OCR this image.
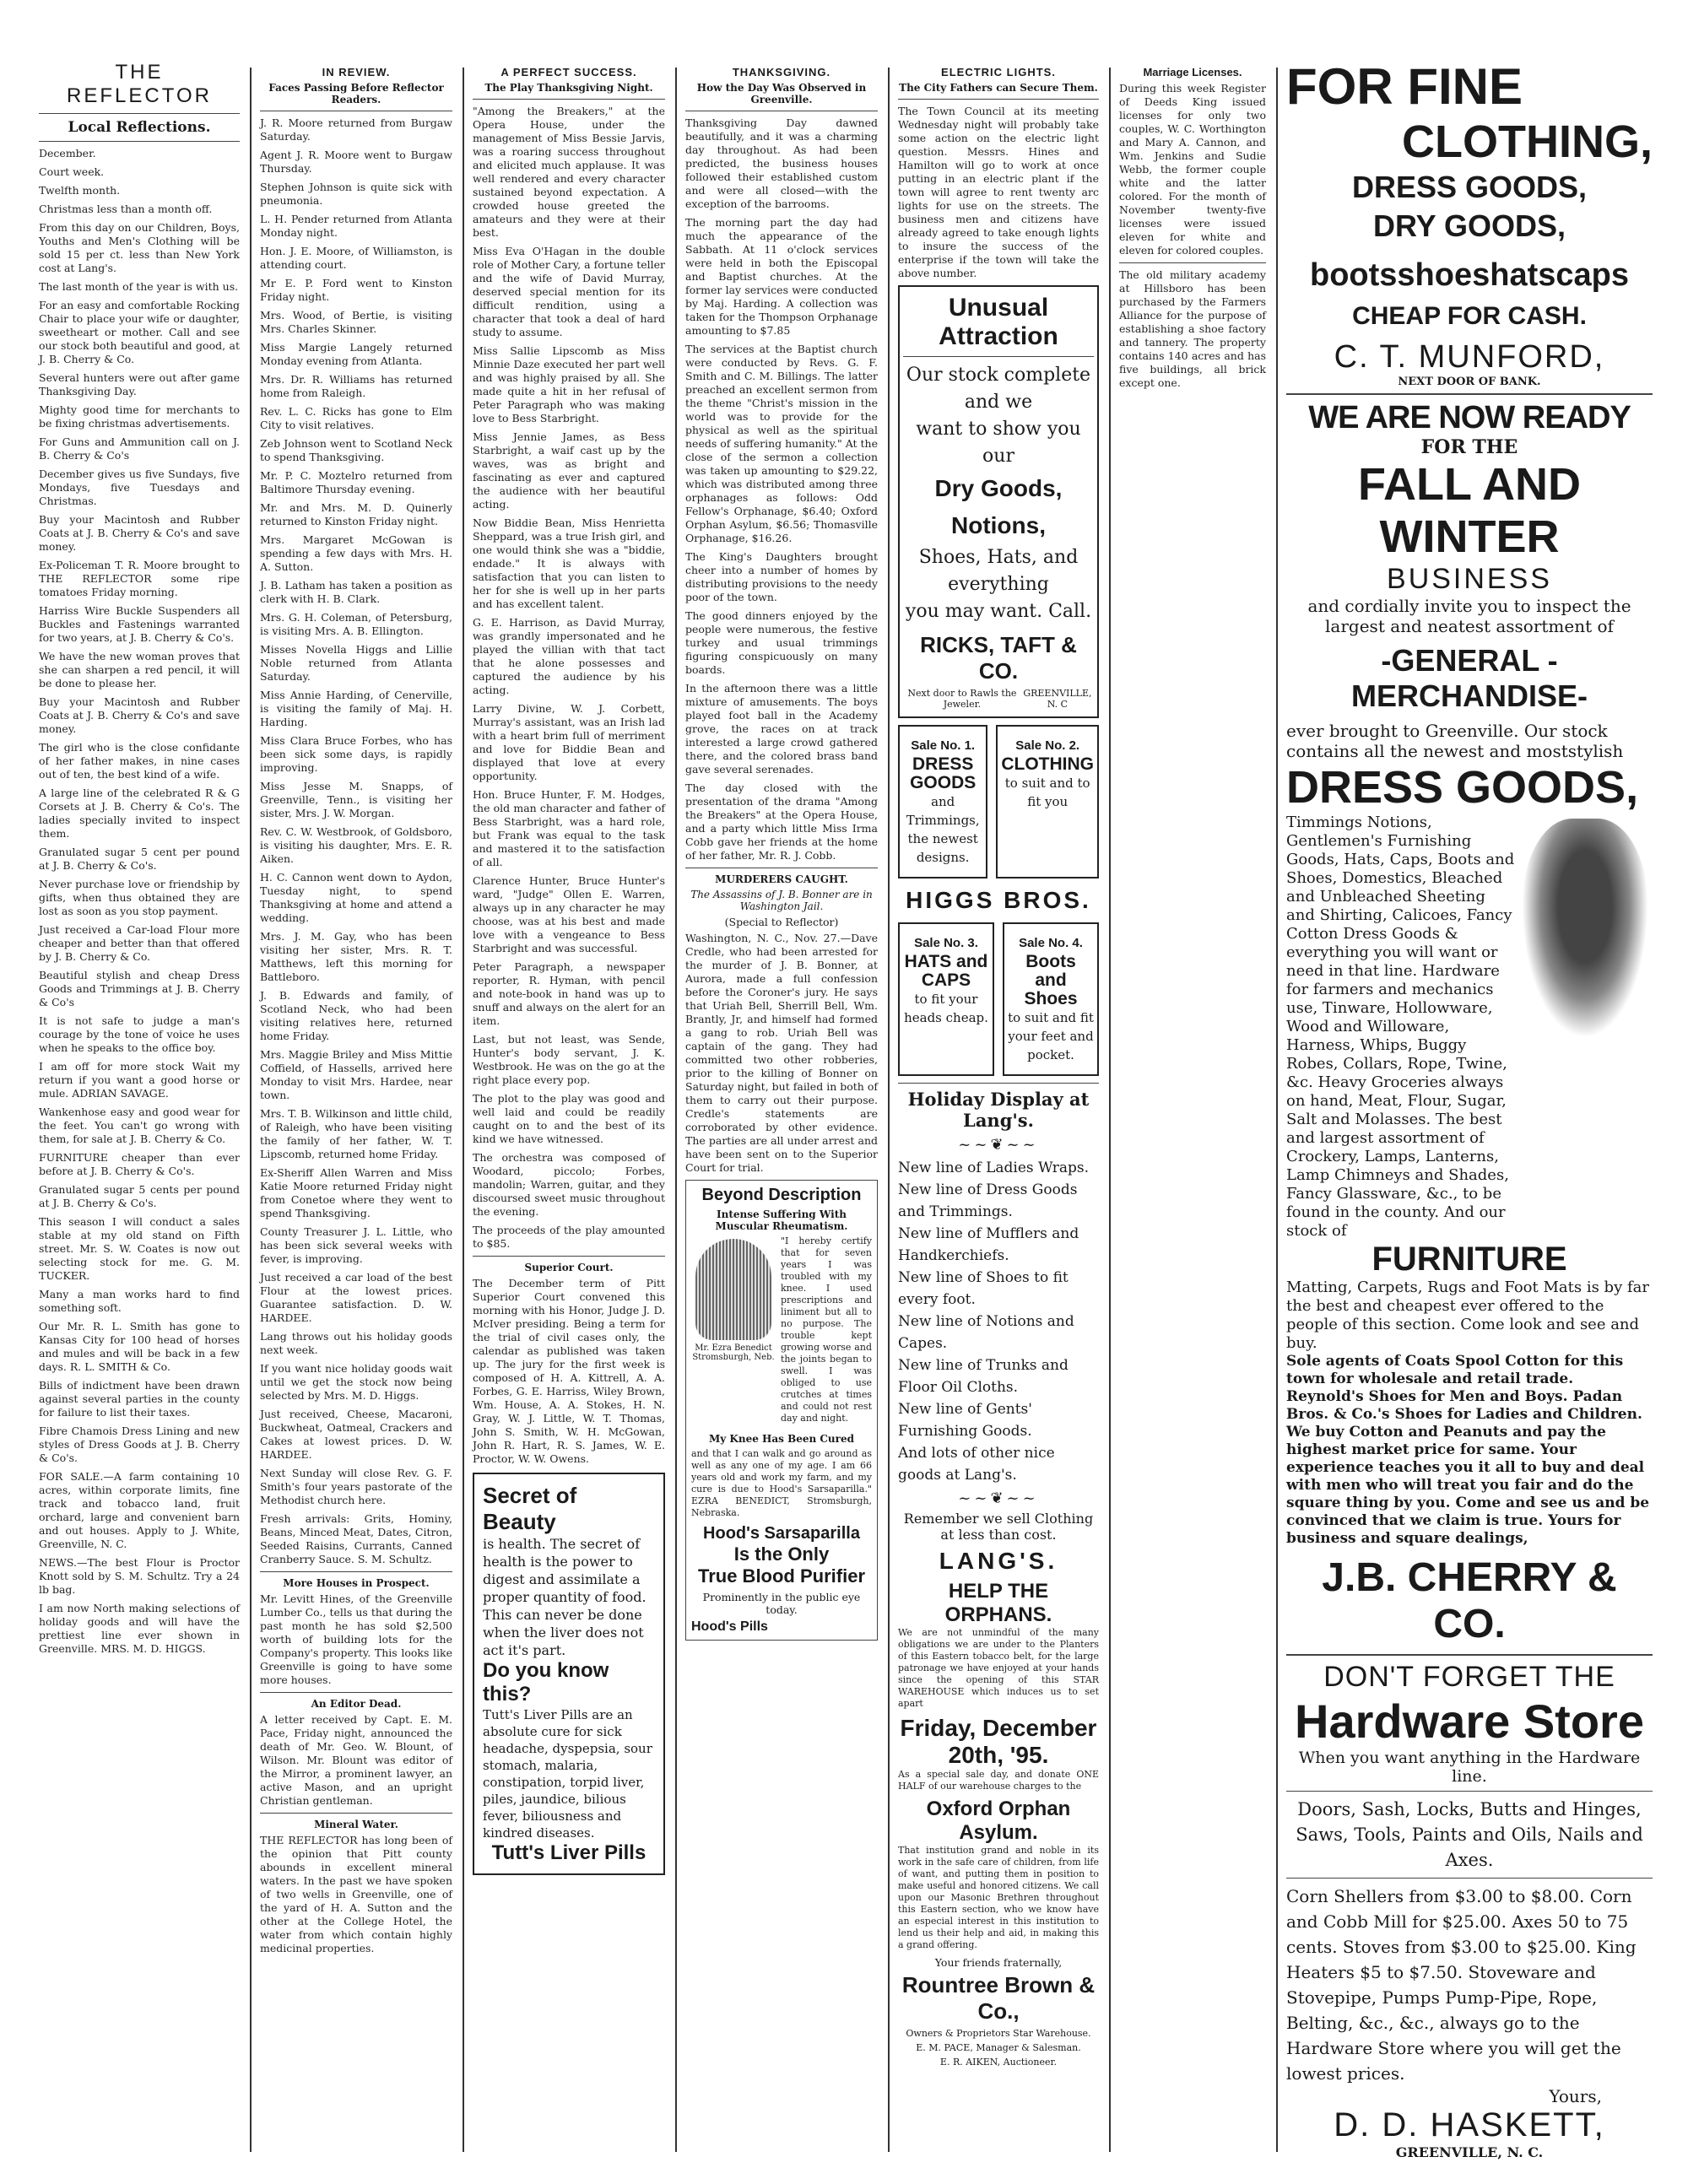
THE REFLECTOR
Local Reflections.
December.
Court week.
Twelfth month.
Christmas less than a month off.
From this day on our Children, Boys, Youths and Men's Clothing will be sold 15 per ct. less than New York cost at Lang's.
The last month of the year is with us.
For an easy and comfortable Rocking Chair to place your wife or daughter, sweetheart or mother. Call and see our stock both beautiful and good, at J. B. Cherry & Co.
Several hunters were out after game Thanksgiving Day.
Mighty good time for merchants to be fixing christmas advertisements.
For Guns and Ammunition call on J. B. Cherry & Co's
December gives us five Sundays, five Mondays, five Tuesdays and Christmas.
Buy your Macintosh and Rubber Coats at J. B. Cherry & Co's and save money.
Ex-Policeman T. R. Moore brought to THE REFLECTOR some ripe tomatoes Friday morning.
Harriss Wire Buckle Suspenders all Buckles and Fastenings warranted for two years, at J. B. Cherry & Co's.
We have the new woman proves that she can sharpen a red pencil, it will be done to please her.
Buy your Macintosh and Rubber Coats at J. B. Cherry & Co's and save money.
The girl who is the close confidante of her father makes, in nine cases out of ten, the best kind of a wife.
A large line of the celebrated R & G Corsets at J. B. Cherry & Co's. The ladies specially invited to inspect them.
Granulated sugar 5 cent per pound at J. B. Cherry & Co's.
Never purchase love or friendship by gifts, when thus obtained they are lost as soon as you stop payment.
Just received a Car-load Flour more cheaper and better than that offered by J. B. Cherry & Co.
Beautiful stylish and cheap Dress Goods and Trimmings at J. B. Cherry & Co's
It is not safe to judge a man's courage by the tone of voice he uses when he speaks to the office boy.
I am off for more stock Wait my return if you want a good horse or mule. ADRIAN SAVAGE.
Wankenhose easy and good wear for the feet. You can't go wrong with them, for sale at J. B. Cherry & Co.
FURNITURE cheaper than ever before at J. B. Cherry & Co's.
Granulated sugar 5 cents per pound at J. B. Cherry & Co's.
This season I will conduct a sales stable at my old stand on Fifth street. Mr. S. W. Coates is now out selecting stock for me. G. M. TUCKER.
Many a man works hard to find something soft.
Our Mr. R. L. Smith has gone to Kansas City for 100 head of horses and mules and will be back in a few days. R. L. SMITH & Co.
Bills of indictment have been drawn against several parties in the county for failure to list their taxes.
Fibre Chamois Dress Lining and new styles of Dress Goods at J. B. Cherry & Co's.
FOR SALE.—A farm containing 10 acres, within corporate limits, fine track and tobacco land, fruit orchard, large and convenient barn and out houses. Apply to J. White, Greenville, N. C.
NEWS.—The best Flour is Proctor Knott sold by S. M. Schultz. Try a 24 lb bag.
I am now North making selections of holiday goods and will have the prettiest line ever shown in Greenville. MRS. M. D. HIGGS.
IN REVIEW.
Faces Passing Before Reflector Readers.
J. R. Moore returned from Burgaw Saturday.
Agent J. R. Moore went to Burgaw Thursday.
Stephen Johnson is quite sick with pneumonia.
L. H. Pender returned from Atlanta Monday night.
Hon. J. E. Moore, of Williamston, is attending court.
Mr E. P. Ford went to Kinston Friday night.
Mrs. Wood, of Bertie, is visiting Mrs. Charles Skinner.
Miss Margie Langely returned Monday evening from Atlanta.
Mrs. Dr. R. Williams has returned home from Raleigh.
Rev. L. C. Ricks has gone to Elm City to visit relatives.
Zeb Johnson went to Scotland Neck to spend Thanksgiving.
Mr. P. C. Moztelro returned from Baltimore Thursday evening.
Mr. and Mrs. M. D. Quinerly returned to Kinston Friday night.
Mrs. Margaret McGowan is spending a few days with Mrs. H. A. Sutton.
J. B. Latham has taken a position as clerk with H. B. Clark.
Mrs. G. H. Coleman, of Petersburg, is visiting Mrs. A. B. Ellington.
Misses Novella Higgs and Lillie Noble returned from Atlanta Saturday.
Miss Annie Harding, of Cenerville, is visiting the family of Maj. H. Harding.
Miss Clara Bruce Forbes, who has been sick some days, is rapidly improving.
Miss Jesse M. Snapps, of Greenville, Tenn., is visiting her sister, Mrs. J. W. Morgan.
Rev. C. W. Westbrook, of Goldsboro, is visiting his daughter, Mrs. E. R. Aiken.
H. C. Cannon went down to Aydon, Tuesday night, to spend Thanksgiving at home and attend a wedding.
Mrs. J. M. Gay, who has been visiting her sister, Mrs. R. T. Matthews, left this morning for Battleboro.
J. B. Edwards and family, of Scotland Neck, who had been visiting relatives here, returned home Friday.
Mrs. Maggie Briley and Miss Mittie Coffield, of Hassells, arrived here Monday to visit Mrs. Hardee, near town.
Mrs. T. B. Wilkinson and little child, of Raleigh, who have been visiting the family of her father, W. T. Lipscomb, returned home Friday.
Ex-Sheriff Allen Warren and Miss Katie Moore returned Friday night from Conetoe where they went to spend Thanksgiving.
County Treasurer J. L. Little, who has been sick several weeks with fever, is improving.
Just received a car load of the best Flour at the lowest prices. Guarantee satisfaction. D. W. HARDEE.
Lang throws out his holiday goods next week.
If you want nice holiday goods wait until we get the stock now being selected by Mrs. M. D. Higgs.
Just received, Cheese, Macaroni, Buckwheat, Oatmeal, Crackers and Cakes at lowest prices. D. W. HARDEE.
Next Sunday will close Rev. G. F. Smith's four years pastorate of the Methodist church here.
Fresh arrivals: Grits, Hominy, Beans, Minced Meat, Dates, Citron, Seeded Raisins, Currants, Canned Cranberry Sauce. S. M. Schultz.
More Houses in Prospect.
Mr. Levitt Hines, of the Greenville Lumber Co., tells us that during the past month he has sold $2,500 worth of building lots for the Company's property. This looks like Greenville is going to have some more houses.
An Editor Dead.
A letter received by Capt. E. M. Pace, Friday night, announced the death of Mr. Geo. W. Blount, of Wilson. Mr. Blount was editor of the Mirror, a prominent lawyer, an active Mason, and an upright Christian gentleman.
Mineral Water.
THE REFLECTOR has long been of the opinion that Pitt county abounds in excellent mineral waters. In the past we have spoken of two wells in Greenville, one of the yard of H. A. Sutton and the other at the College Hotel, the water from which contain highly medicinal properties.
A PERFECT SUCCESS.
The Play Thanksgiving Night.
"Among the Breakers," at the Opera House, under the management of Miss Bessie Jarvis, was a roaring success throughout and elicited much applause. It was well rendered and every character sustained beyond expectation. A crowded house greeted the amateurs and they were at their best.
Miss Eva O'Hagan in the double role of Mother Cary, a fortune teller and the wife of David Murray, deserved special mention for its difficult rendition, using a character that took a deal of hard study to assume.
Miss Sallie Lipscomb as Miss Minnie Daze executed her part well and was highly praised by all. She made quite a hit in her refusal of Peter Paragraph who was making love to Bess Starbright.
Miss Jennie James, as Bess Starbright, a waif cast up by the waves, was as bright and fascinating as ever and captured the audience with her beautiful acting.
Now Biddie Bean, Miss Henrietta Sheppard, was a true Irish girl, and one would think she was a "biddie, endade." It is always with satisfaction that you can listen to her for she is well up in her parts and has excellent talent.
G. E. Harrison, as David Murray, was grandly impersonated and he played the villian with that tact that he alone possesses and captured the audience by his acting.
Larry Divine, W. J. Corbett, Murray's assistant, was an Irish lad with a heart brim full of merriment and love for Biddie Bean and displayed that love at every opportunity.
Hon. Bruce Hunter, F. M. Hodges, the old man character and father of Bess Starbright, was a hard role, but Frank was equal to the task and mastered it to the satisfaction of all.
Clarence Hunter, Bruce Hunter's ward, "Judge" Ollen E. Warren, always up in any character he may choose, was at his best and made love with a vengeance to Bess Starbright and was successful.
Peter Paragraph, a newspaper reporter, R. Hyman, with pencil and note-book in hand was up to snuff and always on the alert for an item.
Last, but not least, was Sende, Hunter's body servant, J. K. Westbrook. He was on the go at the right place every pop.
The plot to the play was good and well laid and could be readily caught on to and the best of its kind we have witnessed.
The orchestra was composed of Woodard, piccolo; Forbes, mandolin; Warren, guitar, and they discoursed sweet music throughout the evening.
The proceeds of the play amounted to $85.
Superior Court.
The December term of Pitt Superior Court convened this morning with his Honor, Judge J. D. McIver presiding. Being a term for the trial of civil cases only, the calendar as published was taken up. The jury for the first week is composed of H. A. Kittrell, A. A. Forbes, G. E. Harriss, Wiley Brown, Wm. House, A. A. Stokes, H. N. Gray, W. J. Little, W. T. Thomas, John S. Smith, W. H. McGowan, John R. Hart, R. S. James, W. E. Proctor, W. W. Owens.
Secret of Beauty
is health. The secret of health is the power to digest and assimilate a proper quantity of food. This can never be done when the liver does not act it's part.
Do you know this?
Tutt's Liver Pills are an absolute cure for sick headache, dyspepsia, sour stomach, malaria, constipation, torpid liver, piles, jaundice, bilious fever, biliousness and kindred diseases.
Tutt's Liver Pills
THANKSGIVING.
How the Day Was Observed in Greenville.
Thanksgiving Day dawned beautifully, and it was a charming day throughout. As had been predicted, the business houses followed their established custom and were all closed—with the exception of the barrooms.
The morning part the day had much the appearance of the Sabbath. At 11 o'clock services were held in both the Episcopal and Baptist churches. At the former lay services were conducted by Maj. Harding. A collection was taken for the Thompson Orphanage amounting to $7.85
The services at the Baptist church were conducted by Revs. G. F. Smith and C. M. Billings. The latter preached an excellent sermon from the theme "Christ's mission in the world was to provide for the physical as well as the spiritual needs of suffering humanity." At the close of the sermon a collection was taken up amounting to $29.22, which was distributed among three orphanages as follows: Odd Fellow's Orphanage, $6.40; Oxford Orphan Asylum, $6.56; Thomasville Orphanage, $16.26.
The King's Daughters brought cheer into a number of homes by distributing provisions to the needy poor of the town.
The good dinners enjoyed by the people were numerous, the festive turkey and usual trimmings figuring conspicuously on many boards.
In the afternoon there was a little mixture of amusements. The boys played foot ball in the Academy grove, the races on at track interested a large crowd gathered there, and the colored brass band gave several serenades.
The day closed with the presentation of the drama "Among the Breakers" at the Opera House, and a party which little Miss Irma Cobb gave her friends at the home of her father, Mr. R. J. Cobb.
MURDERERS CAUGHT.
The Assassins of J. B. Bonner are in Washington Jail.
(Special to Reflector)
Washington, N. C., Nov. 27.—Dave Credle, who had been arrested for the murder of J. B. Bonner, at Aurora, made a full confession before the Coroner's jury. He says that Uriah Bell, Sherrill Bell, Wm. Brantly, Jr, and himself had formed a gang to rob. Uriah Bell was captain of the gang. They had committed two other robberies, prior to the killing of Bonner on Saturday night, but failed in both of them to carry out their purpose. Credle's statements are corroborated by other evidence. The parties are all under arrest and have been sent on to the Superior Court for trial.
Beyond Description
Intense Suffering With Muscular Rheumatism.
Mr. Ezra Benedict Stromsburgh, Neb.
"I hereby certify that for seven years I was troubled with my knee. I used prescriptions and liniment but all to no purpose. The trouble kept growing worse and the joints began to swell. I was obliged to use crutches at times and could not rest day and night.
My Knee Has Been Cured
and that I can walk and go around as well as any one of my age. I am 66 years old and work my farm, and my cure is due to Hood's Sarsaparilla." EZRA BENEDICT, Stromsburgh, Nebraska.
Hood's Sarsaparilla
Is the Only
True Blood Purifier
Prominently in the public eye today.
Hood's Pills
ELECTRIC LIGHTS.
The City Fathers can Secure Them.
The Town Council at its meeting Wednesday night will probably take some action on the electric light question. Messrs. Hines and Hamilton will go to work at once putting in an electric plant if the town will agree to rent twenty arc lights for use on the streets. The business men and citizens have already agreed to take enough lights to insure the success of the enterprise if the town will take the above number.
Unusual Attraction
Our stock complete and we
want to show you our
Dry Goods, Notions,
Shoes, Hats, and everything
you may want. Call.
RICKS, TAFT & CO.
Next door to Rawls the Jeweler.
GREENVILLE, N. C
Sale No. 1.
DRESS GOODS
and Trimmings, the newest designs.
Sale No. 2.
CLOTHING
to suit and to fit you
HIGGS BROS.
Sale No. 3.
HATS and CAPS
to fit your heads cheap.
Sale No. 4.
Boots and Shoes
to suit and fit your feet and pocket.
Holiday Display at Lang's.
~~❦~~
New line of Ladies Wraps.
New line of Dress Goods and Trimmings.
New line of Mufflers and Handkerchiefs.
New line of Shoes to fit every foot.
New line of Notions and Capes.
New line of Trunks and Floor Oil Cloths.
New line of Gents' Furnishing Goods.
And lots of other nice goods at Lang's.
~~❦~~
Remember we sell Clothing at less than cost.
LANG'S.
HELP THE ORPHANS.
We are not unmindful of the many obligations we are under to the Planters of this Eastern tobacco belt, for the large patronage we have enjoyed at your hands since the opening of this STAR WAREHOUSE which induces us to set apart
Friday, December 20th, '95.
As a special sale day, and donate ONE HALF of our warehouse charges to the
Oxford Orphan Asylum.
That institution grand and noble in its work in the safe care of children, from life of want, and putting them in position to make useful and honored citizens. We call upon our Masonic Brethren throughout this Eastern section, who we know have an especial interest in this institution to lend us their help and aid, in making this a grand offering.
Your friends fraternally,
Rountree Brown & Co.,
Owners & Proprietors Star Warehouse.
E. M. PACE, Manager & Salesman.
E. R. AIKEN, Auctioneer.
Marriage Licenses.
During this week Register of Deeds King issued licenses for only two couples, W. C. Worthington and Mary A. Cannon, and Wm. Jenkins and Sudie Webb, the former couple white and the latter colored. For the month of November twenty-five licenses were issued eleven for white and eleven for colored couples.
The old military academy at Hillsboro has been purchased by the Farmers Alliance for the purpose of establishing a shoe factory and tannery. The property contains 140 acres and has five buildings, all brick except one.
FOR FINE
CLOTHING,
DRESS GOODS,
DRY GOODS,
bootsshoeshatscaps
CHEAP FOR CASH.
C. T. MUNFORD,
NEXT DOOR OF BANK.
WE ARE NOW READY
FOR THE
FALL AND WINTER
BUSINESS
and cordially invite you to inspect the largest and neatest assortment of
-GENERAL - MERCHANDISE-
ever brought to Greenville. Our stock contains all the newest and moststylish
DRESS GOODS,
Timmings Notions, Gentlemen's Furnishing Goods, Hats, Caps, Boots and Shoes, Domestics, Bleached and Unbleached Sheeting and Shirting, Calicoes, Fancy Cotton Dress Goods & everything you will want or need in that line. Hardware for farmers and mechanics use, Tinware, Hollowware, Wood and Willoware, Harness, Whips, Buggy Robes, Collars, Rope, Twine, &c. Heavy Groceries always on hand, Meat, Flour, Sugar, Salt and Molasses. The best and largest assortment of Crockery, Lamps, Lanterns, Lamp Chimneys and Shades, Fancy Glassware, &c., to be found in the county. And our stock of
FURNITURE
Matting, Carpets, Rugs and Foot Mats is by far the best and cheapest ever offered to the people of this section. Come look and see and buy.
Sole agents of Coats Spool Cotton for this town for wholesale and retail trade. Reynold's Shoes for Men and Boys. Padan Bros. & Co.'s Shoes for Ladies and Children. We buy Cotton and Peanuts and pay the highest market price for same. Your experience teaches you it all to buy and deal with men who will treat you fair and do the square thing by you. Come and see us and be convinced that we claim is true. Yours for business and square dealings,
J.B. CHERRY & CO.
DON'T FORGET THE
Hardware Store
When you want anything in the Hardware line.
Doors, Sash, Locks, Butts and Hinges, Saws, Tools, Paints and Oils, Nails and Axes.
Corn Shellers from $3.00 to $8.00. Corn and Cobb Mill for $25.00. Axes 50 to 75 cents. Stoves from $3.00 to $25.00. King Heaters $5 to $7.50. Stoveware and Stovepipe, Pumps Pump-Pipe, Rope, Belting, &c., &c., always go to the Hardware Store where you will get the lowest prices.
Yours,
D. D. HASKETT,
GREENVILLE, N. C.
